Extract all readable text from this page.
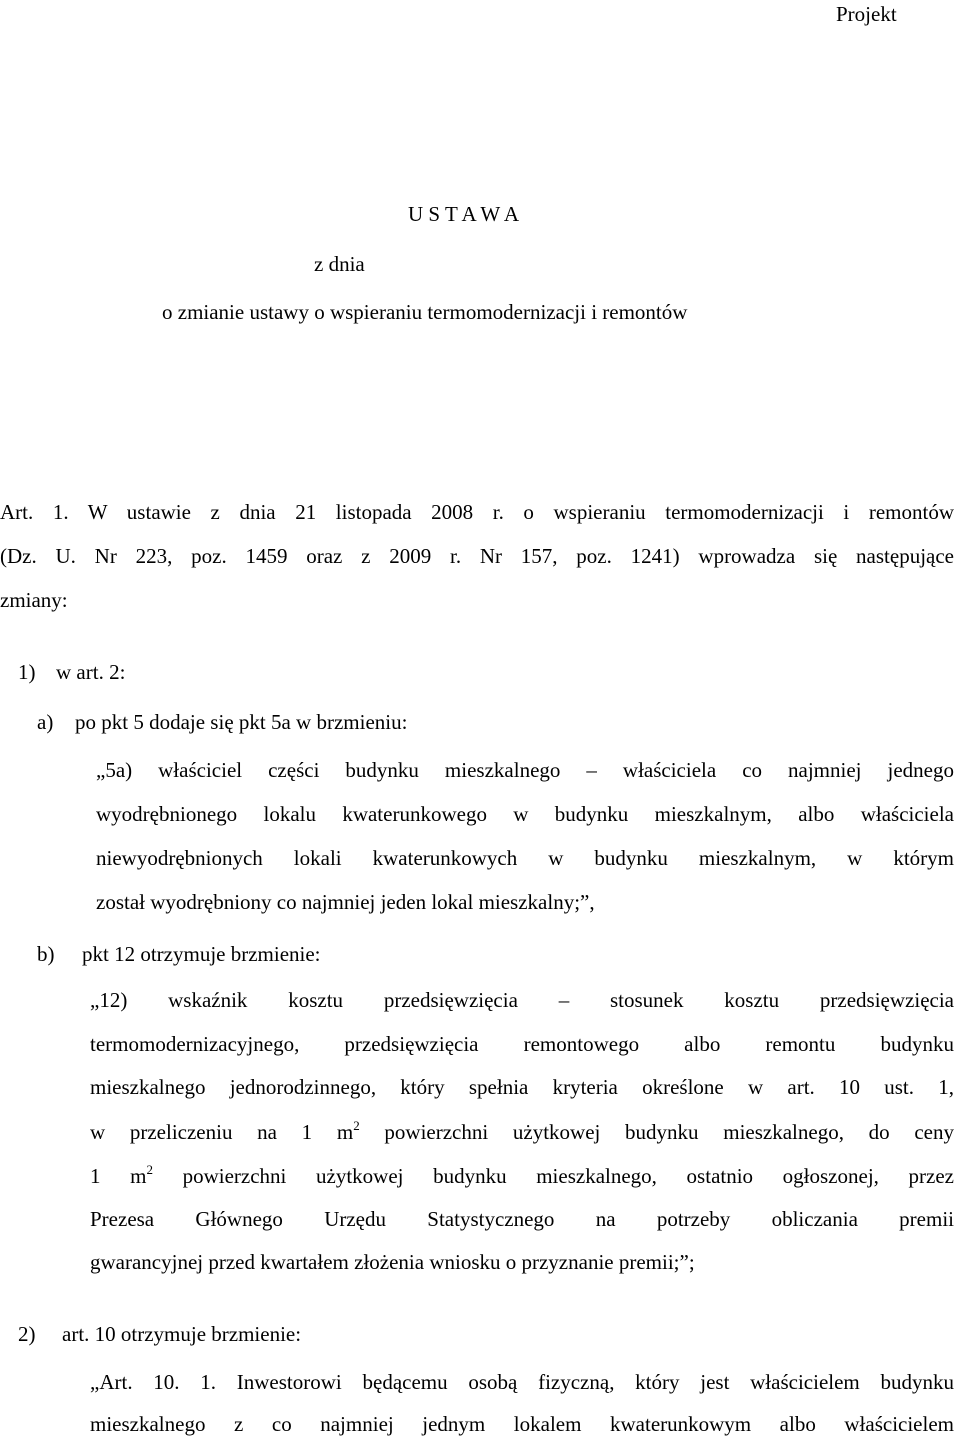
Projekt
U S T A W A
z dnia
o zmianie ustawy o wspieraniu termomodernizacji i remontów
Art. 1. W ustawie z dnia 21 listopada 2008 r. o wspieraniu termomodernizacji i remontów
(Dz. U. Nr 223, poz. 1459 oraz z 2009 r. Nr 157, poz. 1241) wprowadza się następujące
zmiany:
1) w art. 2:
a) po pkt 5 dodaje się pkt 5a w brzmieniu:
„5a) właściciel części budynku mieszkalnego – właściciela co najmniej jednego
wyodrębnionego lokalu kwaterunkowego w budynku mieszkalnym, albo właściciela
niewyodrębnionych lokali kwaterunkowych w budynku mieszkalnym, w którym
został wyodrębniony co najmniej jeden lokal mieszkalny;”,
b) pkt 12 otrzymuje brzmienie:
„12) wskaźnik kosztu przedsięwzięcia – stosunek kosztu przedsięwzięcia
termomodernizacyjnego, przedsięwzięcia remontowego albo remontu budynku
mieszkalnego jednorodzinnego, który spełnia kryteria określone w art. 10 ust. 1,
w przeliczeniu na 1 $m^2$ powierzchni użytkowej budynku mieszkalnego, do ceny
1 $m^2$ powierzchni użytkowej budynku mieszkalnego, ostatnio ogłoszonej, przez
Prezesa Głównego Urzędu Statystycznego na potrzeby obliczania premii
gwarancyjnej przed kwartałem złożenia wniosku o przyznanie premii;”;
2) art. 10 otrzymuje brzmienie:
„Art. 10. 1. Inwestorowi będącemu osobą fizyczną, który jest właścicielem budynku
mieszkalnego z co najmniej jednym lokalem kwaterunkowym albo właścicielem
